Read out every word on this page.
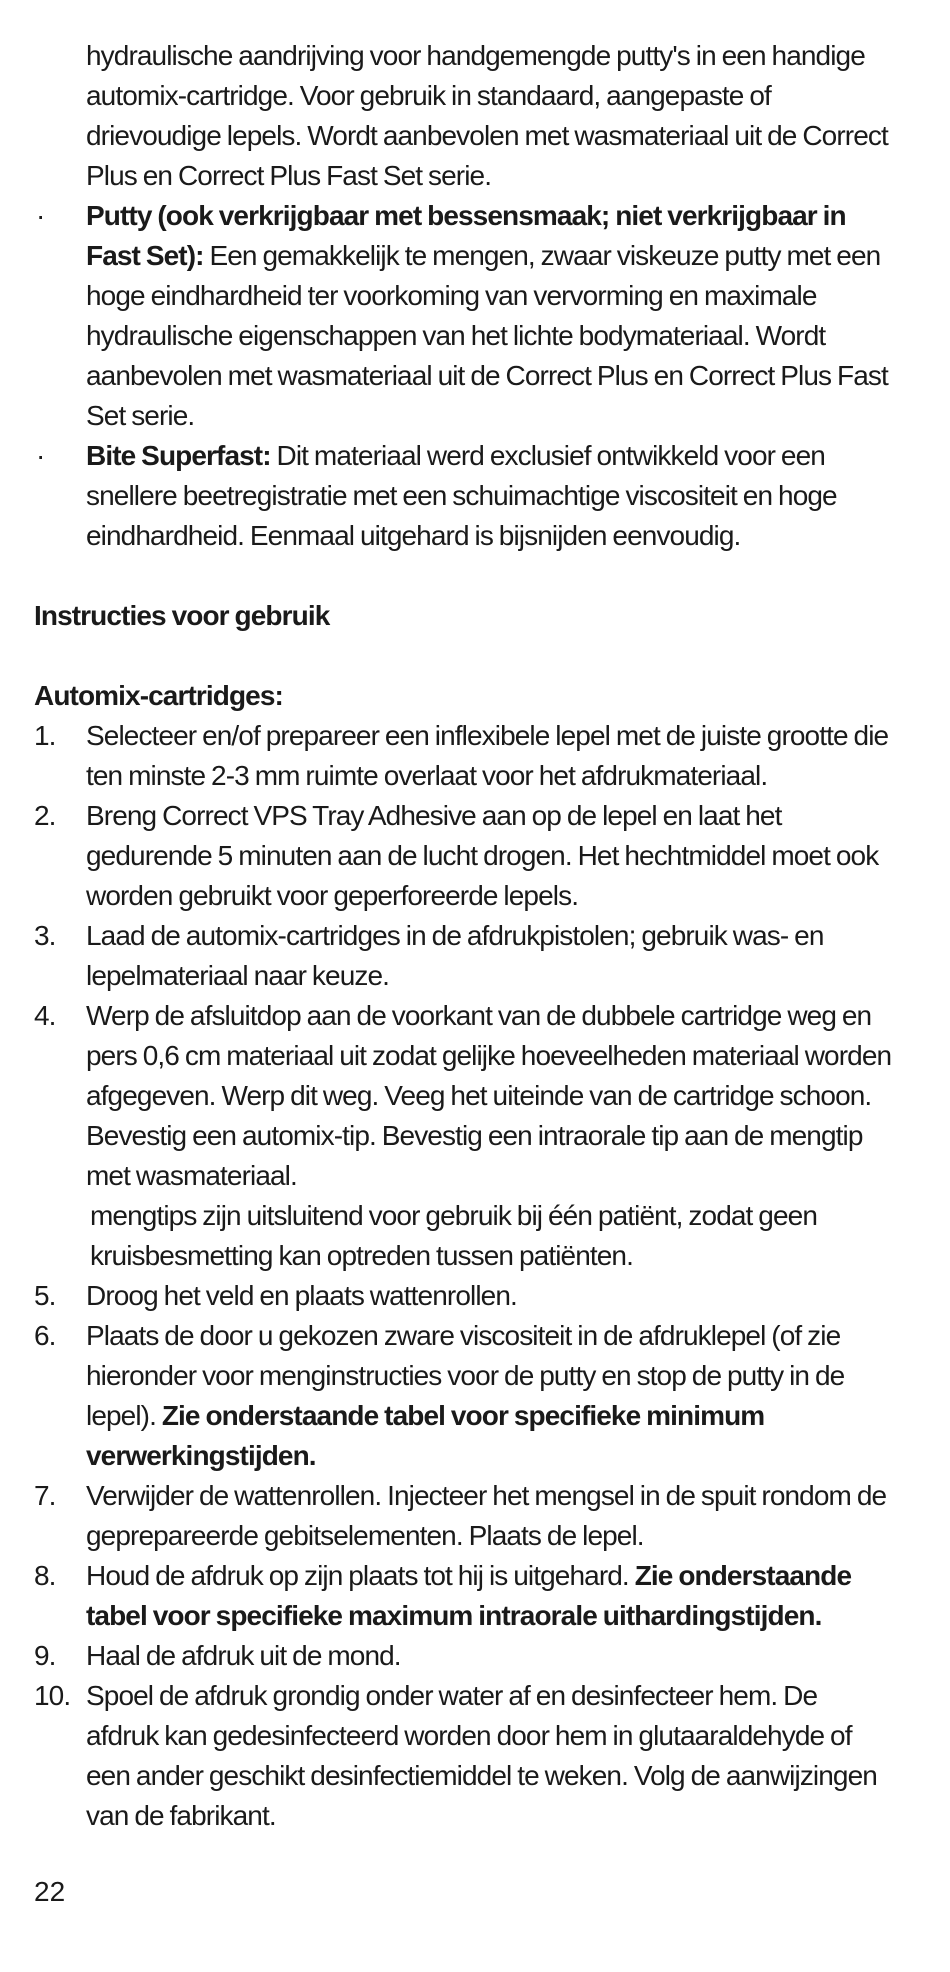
hydraulische aandrijving voor handgemengde putty's in een handige automix-cartridge. Voor gebruik in standaard, aangepaste of drievoudige lepels. Wordt aanbevolen met wasmateriaal uit de Correct Plus en Correct Plus Fast Set serie.
·	Putty (ook verkrijgbaar met bessensmaak; niet verkrijgbaar in Fast Set): Een gemakkelijk te mengen, zwaar viskeuze putty met een hoge eindhardheid ter voorkoming van vervorming en maximale hydraulische eigenschappen van het lichte bodymateriaal. Wordt aanbevolen met wasmateriaal uit de Correct Plus en Correct Plus Fast Set serie.
·	Bite Superfast: Dit materiaal werd exclusief ontwikkeld voor een snellere beetregistratie met een schuimachtige viscositeit en hoge eindhardheid. Eenmaal uitgehard is bijsnijden eenvoudig.
Instructies voor gebruik
Automix-cartridges:
1.	Selecteer en/of prepareer een inflexibele lepel met de juiste grootte die ten minste 2-3 mm ruimte overlaat voor het afdrukmateriaal.
2.	Breng Correct VPS Tray Adhesive aan op de lepel en laat het gedurende 5 minuten aan de lucht drogen. Het hechtmiddel moet ook worden gebruikt voor geperforeerde lepels.
3.	Laad de automix-cartridges in de afdrukpistolen; gebruik was- en lepelmateriaal naar keuze.
4.	Werp de afsluitdop aan de voorkant van de dubbele cartridge weg en pers 0,6 cm materiaal uit zodat gelijke hoeveelheden materiaal worden afgegeven. Werp dit weg. Veeg het uiteinde van de cartridge schoon. Bevestig een automix-tip. Bevestig een intraorale tip aan de mengtip met wasmateriaal.
mengtips zijn uitsluitend voor gebruik bij één patiënt, zodat geen kruisbesmetting kan optreden tussen patiënten.
5.	Droog het veld en plaats wattenrollen.
6.	Plaats de door u gekozen zware viscositeit in de afdruklepel (of zie hieronder voor menginstructies voor de putty en stop de putty in de lepel). Zie onderstaande tabel voor specifieke minimum verwerkingstijden.
7.	Verwijder de wattenrollen. Injecteer het mengsel in de spuit rondom de geprepareerde gebitselementen. Plaats de lepel.
8.	Houd de afdruk op zijn plaats tot hij is uitgehard. Zie onderstaande tabel voor specifieke maximum intraorale uithardingstijden.
9.	Haal de afdruk uit de mond.
10. Spoel de afdruk grondig onder water af en desinfecteer hem. De afdruk kan gedesinfecteerd worden door hem in glutaaraldehyde of een ander geschikt desinfectiemiddel te weken. Volg de aanwijzingen van de fabrikant.
22
